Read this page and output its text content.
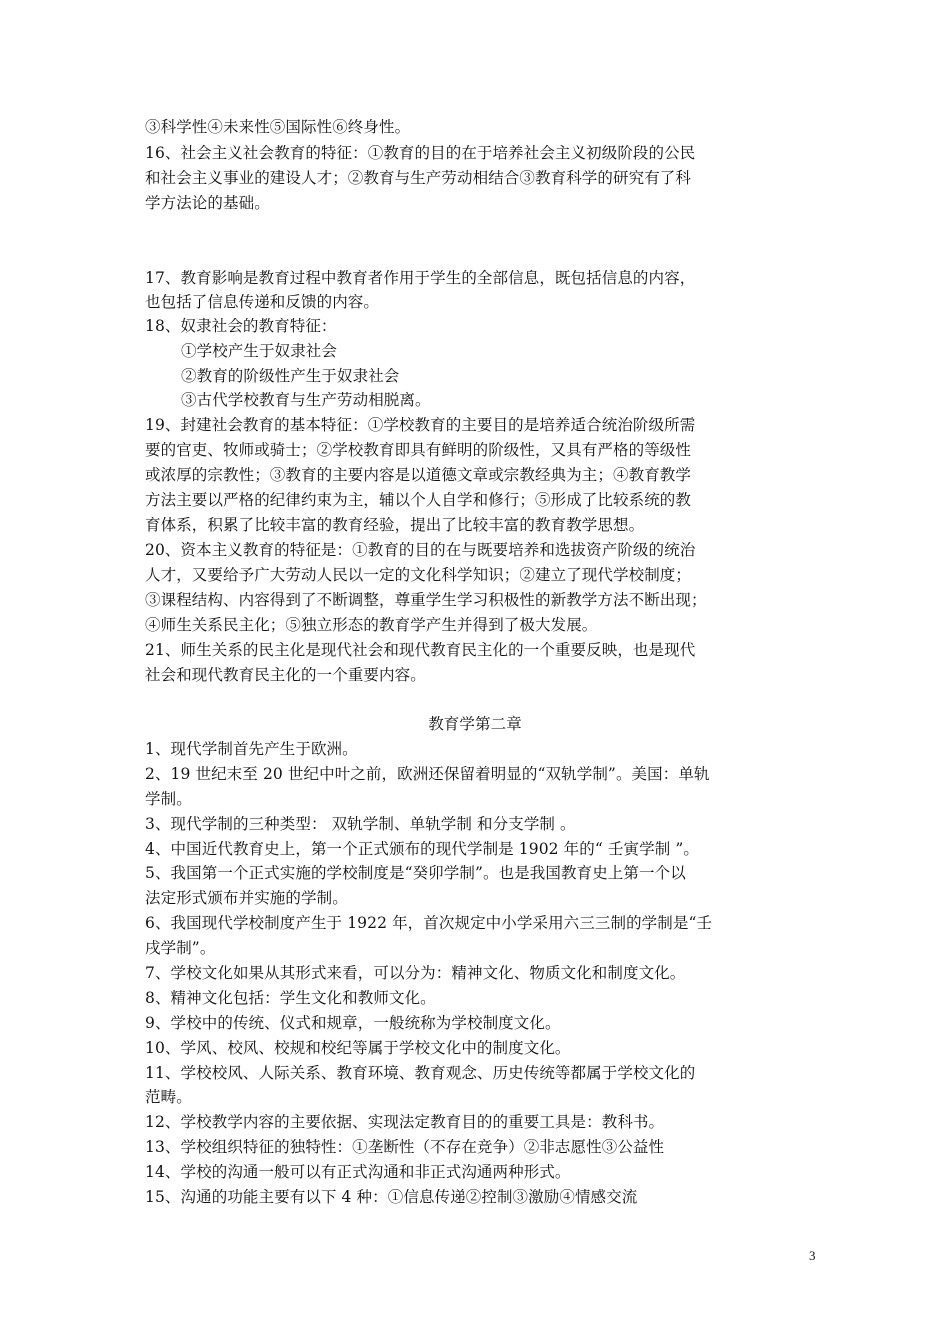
③科学性④未来性⑤国际性⑥终身性。
16、社会主义社会教育的特征：①教育的目的在于培养社会主义初级阶段的公民
和社会主义事业的建设人才；②教育与生产劳动相结合③教育科学的研究有了科
学方法论的基础。
17、教育影响是教育过程中教育者作用于学生的全部信息，既包括信息的内容，
也包括了信息传递和反馈的内容。
18、奴隶社会的教育特征：
①学校产生于奴隶社会
②教育的阶级性产生于奴隶社会
③古代学校教育与生产劳动相脱离。
19、封建社会教育的基本特征：①学校教育的主要目的是培养适合统治阶级所需
要的官吏、牧师或骑士；②学校教育即具有鲜明的阶级性，又具有严格的等级性
或浓厚的宗教性；③教育的主要内容是以道德文章或宗教经典为主；④教育教学
方法主要以严格的纪律约束为主，辅以个人自学和修行；⑤形成了比较系统的教
育体系，积累了比较丰富的教育经验，提出了比较丰富的教育教学思想。
20、资本主义教育的特征是：①教育的目的在与既要培养和选拔资产阶级的统治
人才，又要给予广大劳动人民以一定的文化科学知识；②建立了现代学校制度；
③课程结构、内容得到了不断调整，尊重学生学习积极性的新教学方法不断出现；
④师生关系民主化；⑤独立形态的教育学产生并得到了极大发展。
21、师生关系的民主化是现代社会和现代教育民主化的一个重要反映，也是现代
社会和现代教育民主化的一个重要内容。
教育学第二章
1、现代学制首先产生于欧洲。
2、19 世纪末至 20 世纪中叶之前，欧洲还保留着明显的“双轨学制”。美国：单轨
学制。
3、现代学制的三种类型： 双轨学制、单轨学制 和分支学制 。
4、中国近代教育史上，第一个正式颁布的现代学制是 1902 年的“ 壬寅学制 ”。
5、我国第一个正式实施的学校制度是“癸卯学制”。也是我国教育史上第一个以
法定形式颁布并实施的学制。
6、我国现代学校制度产生于 1922 年，首次规定中小学采用六三三制的学制是“壬
戌学制”。
7、学校文化如果从其形式来看，可以分为：精神文化、物质文化和制度文化。
8、精神文化包括：学生文化和教师文化。
9、学校中的传统、仪式和规章，一般统称为学校制度文化。
10、学风、校风、校规和校纪等属于学校文化中的制度文化。
11、学校校风、人际关系、教育环境、教育观念、历史传统等都属于学校文化的
范畴。
12、学校教学内容的主要依据、实现法定教育目的的重要工具是：教科书。
13、学校组织特征的独特性：①垄断性（不存在竞争）②非志愿性③公益性
14、学校的沟通一般可以有正式沟通和非正式沟通两种形式。
15、沟通的功能主要有以下 4 种：①信息传递②控制③激励④情感交流
3
